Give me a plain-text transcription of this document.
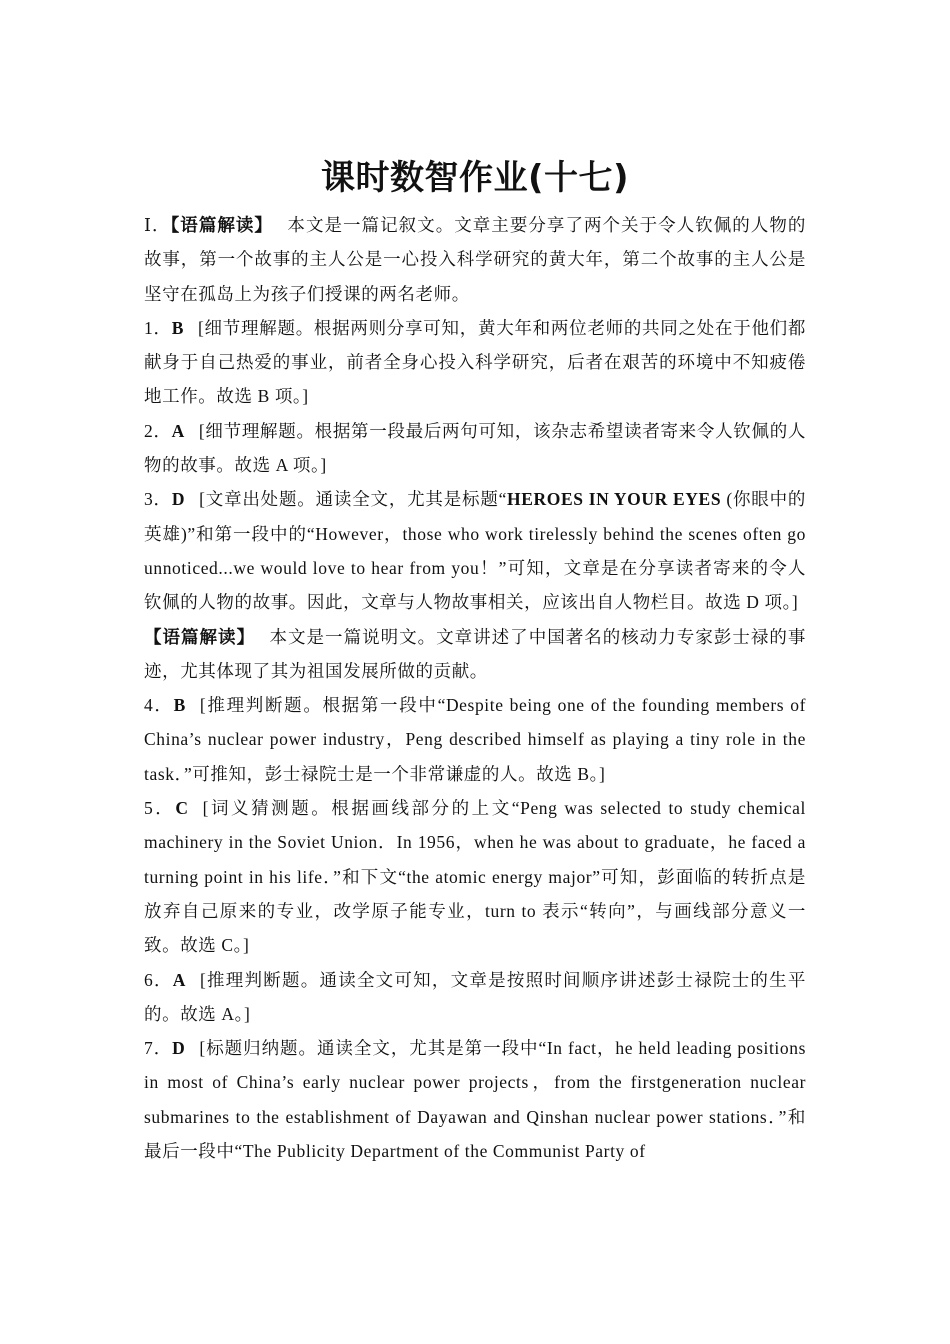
课时数智作业(十七)

Ⅰ．【语篇解读】 本文是一篇记叙文。文章主要分享了两个关于令人钦佩的人物的故事，第一个故事的主人公是一心投入科学研究的黄大年，第二个故事的主人公是坚守在孤岛上为孩子们授课的两名老师。

1．B [细节理解题。根据两则分享可知，黄大年和两位老师的共同之处在于他们都献身于自己热爱的事业，前者全身心投入科学研究，后者在艰苦的环境中不知疲倦地工作。故选 B 项。]

2．A [细节理解题。根据第一段最后两句可知，该杂志希望读者寄来令人钦佩的人物的故事。故选 A 项。]

3．D [文章出处题。通读全文，尤其是标题“HEROES IN YOUR EYES (你眼中的英雄)”和第一段中的“However，those who work tirelessly behind the scenes often go unnoticed...we would love to hear from you！”可知，文章是在分享读者寄来的令人钦佩的人物的故事。因此，文章与人物故事相关，应该出自人物栏目。故选 D 项。]

【语篇解读】 本文是一篇说明文。文章讲述了中国著名的核动力专家彭士禄的事迹，尤其体现了其为祖国发展所做的贡献。

4．B [推理判断题。根据第一段中“Despite being one of the founding members of China’s nuclear power industry，Peng described himself as playing a tiny role in the task．”可推知，彭士禄院士是一个非常谦虚的人。故选 B。]

5．C [词义猜测题。根据画线部分的上文“Peng was selected to study chemical machinery in the Soviet Union．In 1956，when he was about to graduate，he faced a turning point in his life．”和下文“the atomic energy major”可知，彭面临的转折点是放弃自己原来的专业，改学原子能专业，turn to 表示“转向”，与画线部分意义一致。故选 C。]

6．A [推理判断题。通读全文可知，文章是按照时间顺序讲述彭士禄院士的生平的。故选 A。]

7．D [标题归纳题。通读全文，尤其是第一段中“In fact，he held leading positions in most of China’s early nuclear power projects，from the firstgeneration nuclear submarines to the establishment of Dayawan and Qinshan nuclear power stations．”和最后一段中“The Publicity Department of the Communist Party of
